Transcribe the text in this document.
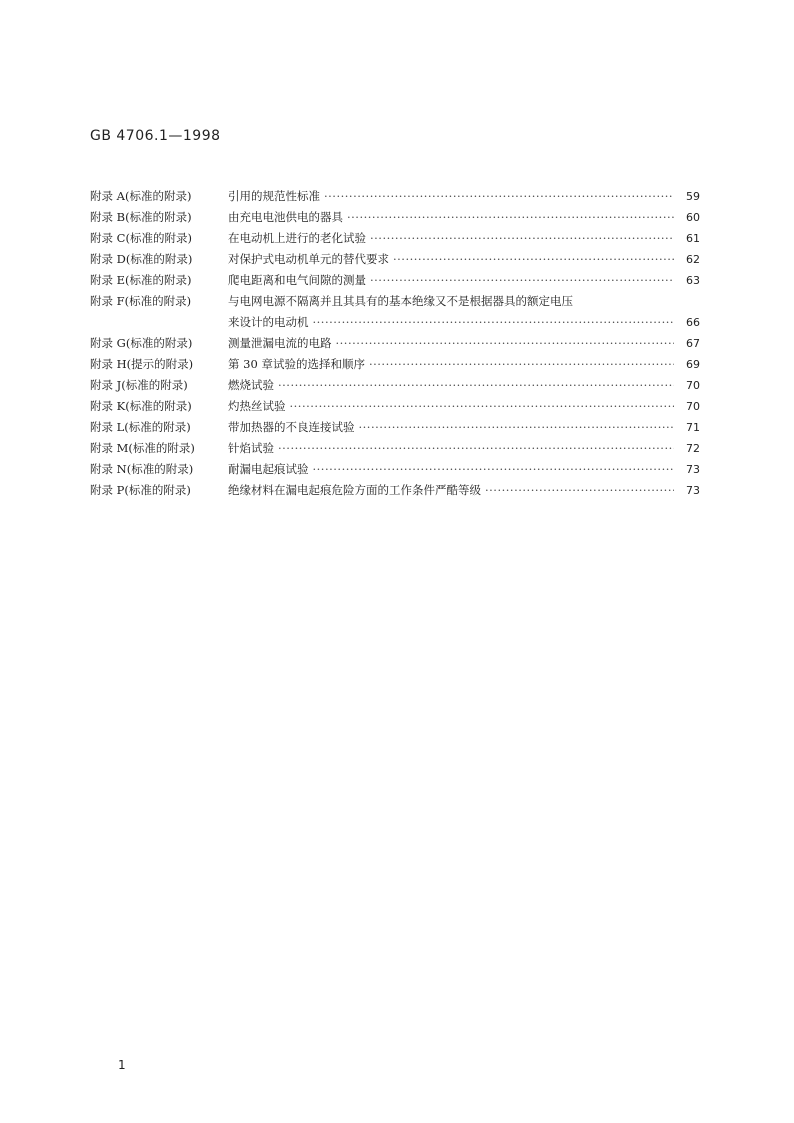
GB 4706.1—1998
附录 A(标准的附录)	引用的规范性标准 ·····	59
附录 B(标准的附录)	由充电电池供电的器具 ·····	60
附录 C(标准的附录)	在电动机上进行的老化试验 ·····	61
附录 D(标准的附录)	对保护式电动机单元的替代要求 ·····	62
附录 E(标准的附录)	爬电距离和电气间隙的测量 ·····	63
附录 F(标准的附录)	与电网电源不隔离并且其具有的基本绝缘又不是根据器具的额定电压
来设计的电动机 ·····	66
附录 G(标准的附录)	测量泄漏电流的电路 ·····	67
附录 H(提示的附录)	第 30 章试验的选择和顺序 ·····	69
附录 J(标准的附录)	燃烧试验 ·····	70
附录 K(标准的附录)	灼热丝试验 ·····	70
附录 L(标准的附录)	带加热器的不良连接试验 ·····	71
附录 M(标准的附录)	针焰试验 ·····	72
附录 N(标准的附录)	耐漏电起痕试验 ·····	73
附录 P(标准的附录)	绝缘材料在漏电起痕危险方面的工作条件严酷等级 ·····	73
1
